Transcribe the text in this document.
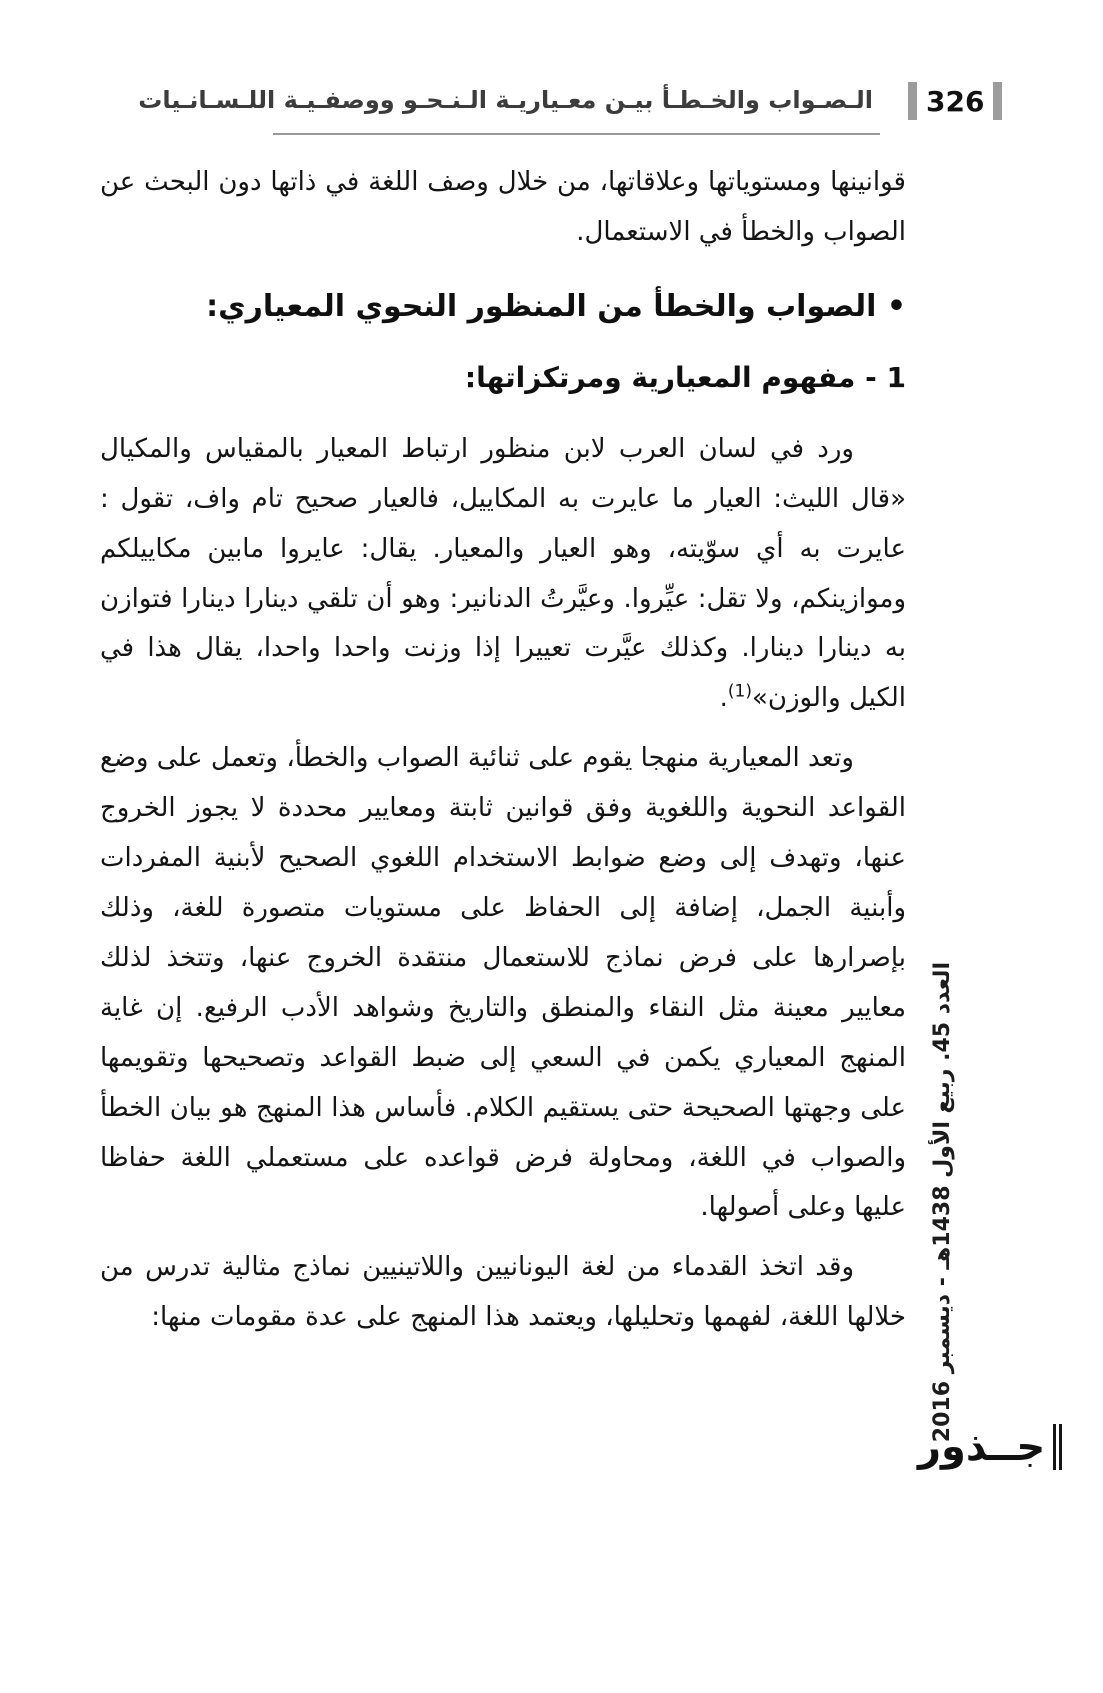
الـصـواب والخـطـأ بيـن معـياريـة الـنـحـو ووصفـيـة اللـسـانـيات 326

قوانينها ومستوياتها وعلاقاتها، من خلال وصف اللغة في ذاتها دون البحث عن الصواب والخطأ في الاستعمال.

• الصواب والخطأ من المنظور النحوي المعياري:
1 - مفهوم المعيارية ومرتكزاتها:

ورد في لسان العرب لابن منظور ارتباط المعيار بالمقياس والمكيال «قال الليث: العيار ما عايرت به المكاييل، فالعيار صحيح تام واف، تقول : عايرت به أي سوّيته، وهو العيار والمعيار. يقال: عايروا مابين مكاييلكم وموازينكم، ولا تقل: عيِّروا. وعيَّرتُ الدنانير: وهو أن تلقي دينارا دينارا فتوازن به دينارا دينارا. وكذلك عيَّرت تعييرا إذا وزنت واحدا واحدا، يقال هذا في الكيل والوزن»$^{(1)}$.

وتعد المعيارية منهجا يقوم على ثنائية الصواب والخطأ، وتعمل على وضع القواعد النحوية واللغوية وفق قوانين ثابتة ومعايير محددة لا يجوز الخروج عنها، وتهدف إلى وضع ضوابط الاستخدام اللغوي الصحيح لأبنية المفردات وأبنية الجمل، إضافة إلى الحفاظ على مستويات متصورة للغة، وذلك بإصرارها على فرض نماذج للاستعمال منتقدة الخروج عنها، وتتخذ لذلك معايير معينة مثل النقاء والمنطق والتاريخ وشواهد الأدب الرفيع. إن غاية المنهج المعياري يكمن في السعي إلى ضبط القواعد وتصحيحها وتقويمها على وجهتها الصحيحة حتى يستقيم الكلام. فأساس هذا المنهج هو بيان الخطأ والصواب في اللغة، ومحاولة فرض قواعده على مستعملي اللغة حفاظا عليها وعلى أصولها.

وقد اتخذ القدماء من لغة اليونانيين واللاتينيين نماذج مثالية تدرس من خلالها اللغة، لفهمها وتحليلها، ويعتمد هذا المنهج على عدة مقومات منها:

العدد 45. ربيع الأول 1438هـ - ديسمبر 2016
جــذور
